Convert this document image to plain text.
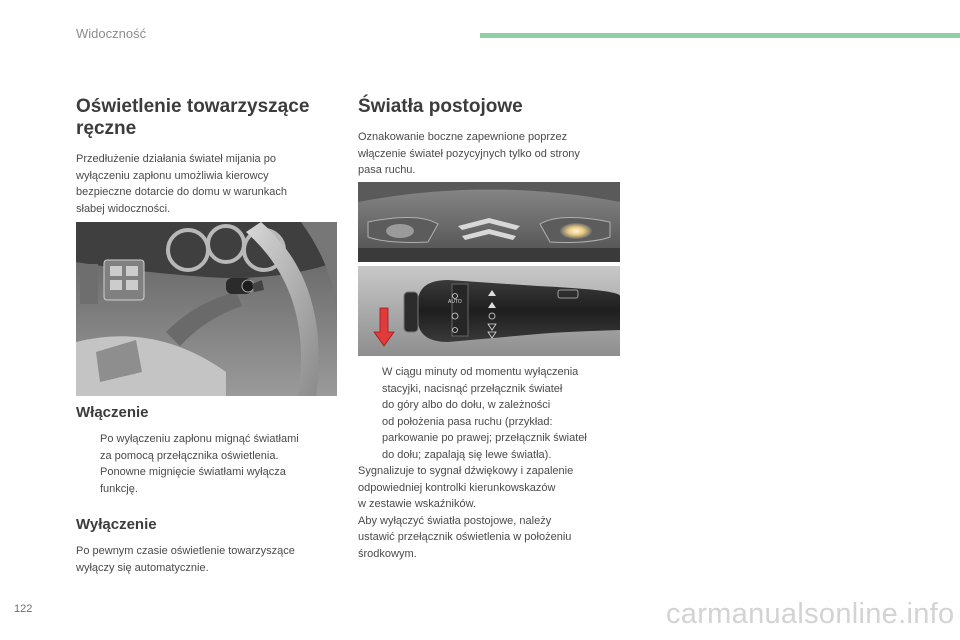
Widoczność
Oświetlenie towarzyszące
ręczne

Przedłużenie działania świateł mijania po
wyłączeniu zapłonu umożliwia kierowcy
bezpieczne dotarcie do domu w warunkach
słabej widoczności.

Włączenie
Po wyłączeniu zapłonu mignąć światłami
za pomocą przełącznika oświetlenia.
Ponowne mignięcie światłami wyłącza
funkcję.
Wyłączenie

Po pewnym czasie oświetlenie towarzyszące
wyłączy się automatycznie.

Światła postojowe

Oznakowanie boczne zapewnione poprzez
włączenie świateł pozycyjnych tylko od strony
pasa ruchu.

AUTO
W ciągu minuty od momentu wyłączenia
stacyjki, nacisnąć przełącznik świateł
do góry albo do dołu, w zależności
od położenia pasa ruchu (przykład:
parkowanie po prawej; przełącznik świateł
do dołu; zapalają się lewe światła).

Sygnalizuje to sygnał dźwiękowy i zapalenie
odpowiedniej kontrolki kierunkowskazów
w zestawie wskaźników.
Aby wyłączyć światła postojowe, należy
ustawić przełącznik oświetlenia w położeniu
środkowym.

122	carmanualsonline.info
